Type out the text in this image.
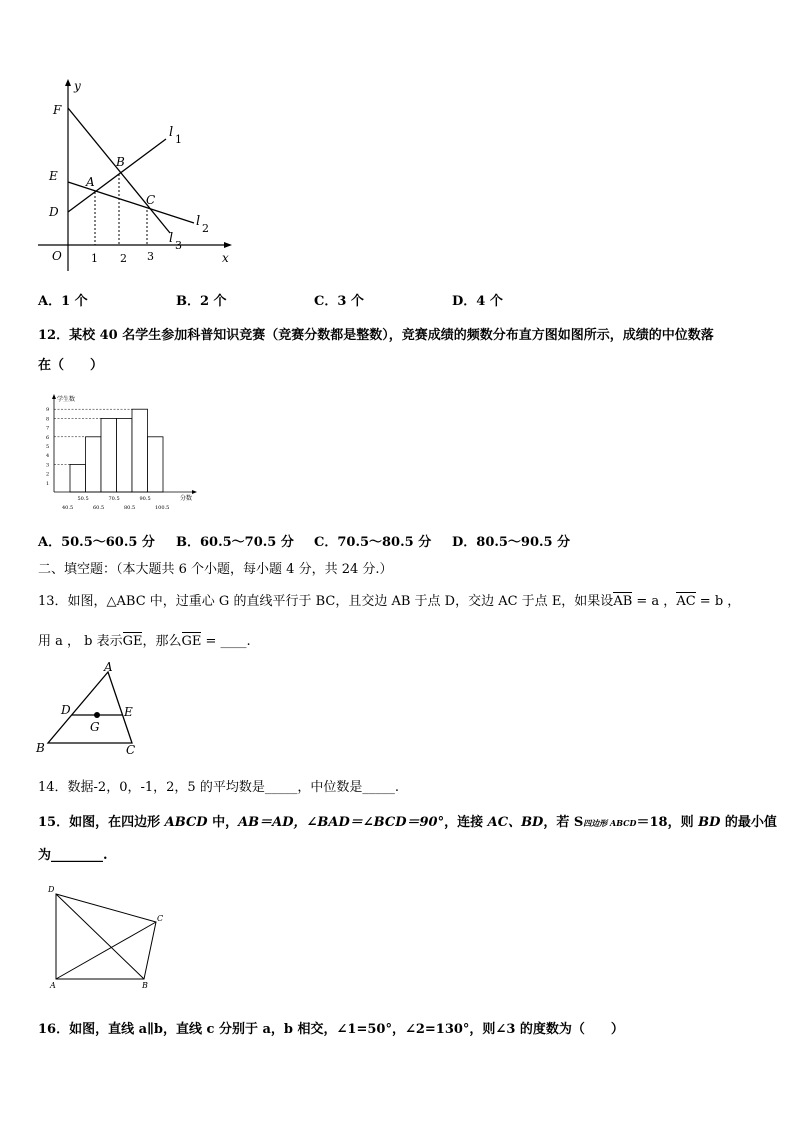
y
x
O
F
E
D
A
B
C
l 1
l 2
l 3
1 2 3
A．1 个	B．2 个	C．3 个	D．4 个
12．某校 40 名学生参加科普知识竞赛（竞赛分数都是整数），竞赛成绩的频数分布直方图如图所示，成绩的中位数落
在（　　）
1
2
3
4
5
6
7
8
9
40.5
50.5
60.5
70.5
80.5
90.5
100.5
学生数
分数
A．50.5～60.5 分 B．60.5～70.5 分 C．70.5～80.5 分 D．80.5～90.5 分
二、填空题：（本大题共 6 个小题，每小题 4 分，共 24 分.）
13．如图，△ABC 中，过重心 G 的直线平行于 BC，且交边 AB 于点 D，交边 AC 于点 E，如果设AB = a ，AC = b ，
用 a ， b 表示GE，那么GE = ____.
A
B	C
D	E
G
14．数据-2，0，-1，2，5 的平均数是_____，中位数是_____.
15．如图，在四边形 ABCD 中，AB＝AD，∠BAD＝∠BCD＝90°，连接 AC、BD，若 S四边形 ABCD＝18，则 BD 的最小值
为________.
D
C
A	B
16．如图，直线 a∥b，直线 c 分别于 a，b 相交，∠1=50°，∠2=130°，则∠3 的度数为（　　）
